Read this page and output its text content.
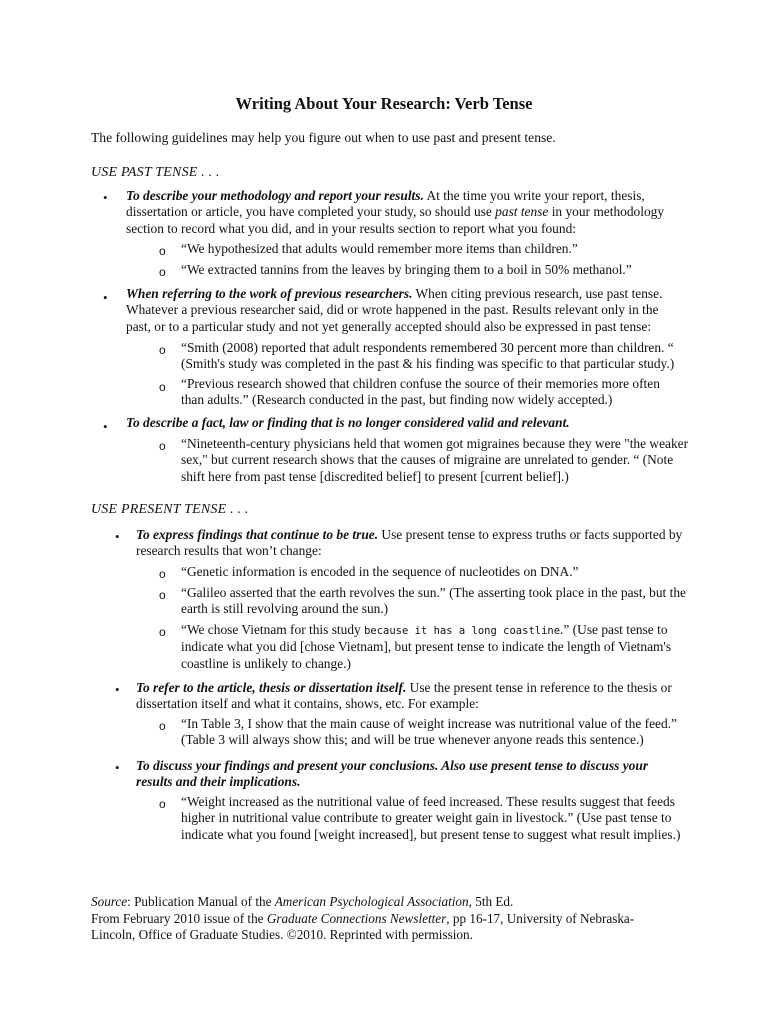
Writing About Your Research: Verb Tense
The following guidelines may help you figure out when to use past and present tense.
USE PAST TENSE . . .
• To describe your methodology and report your results. At the time you write your report, thesis, dissertation or article, you have completed your study, so should use past tense in your methodology section to record what you did, and in your results section to report what you found:
o “We hypothesized that adults would remember more items than children.”
o “We extracted tannins from the leaves by bringing them to a boil in 50% methanol.”
• When referring to the work of previous researchers. When citing previous research, use past tense. Whatever a previous researcher said, did or wrote happened in the past. Results relevant only in the past, or to a particular study and not yet generally accepted should also be expressed in past tense:
o “Smith (2008) reported that adult respondents remembered 30 percent more than children. “ (Smith's study was completed in the past & his finding was specific to that particular study.)
o “Previous research showed that children confuse the source of their memories more often than adults.” (Research conducted in the past, but finding now widely accepted.)
• To describe a fact, law or finding that is no longer considered valid and relevant.
o “Nineteenth-century physicians held that women got migraines because they were "the weaker sex," but current research shows that the causes of migraine are unrelated to gender. “ (Note shift here from past tense [discredited belief] to present [current belief].)
USE PRESENT TENSE . . .
• To express findings that continue to be true. Use present tense to express truths or facts supported by research results that won’t change:
o “Genetic information is encoded in the sequence of nucleotides on DNA.”
o “Galileo asserted that the earth revolves the sun.” (The asserting took place in the past, but the earth is still revolving around the sun.)
o “We chose Vietnam for this study because it has a long coastline.” (Use past tense to indicate what you did [chose Vietnam], but present tense to indicate the length of Vietnam's coastline is unlikely to change.)
• To refer to the article, thesis or dissertation itself. Use the present tense in reference to the thesis or dissertation itself and what it contains, shows, etc. For example:
o “In Table 3, I show that the main cause of weight increase was nutritional value of the feed.” (Table 3 will always show this; and will be true whenever anyone reads this sentence.)
• To discuss your findings and present your conclusions. Also use present tense to discuss your results and their implications.
o “Weight increased as the nutritional value of feed increased. These results suggest that feeds higher in nutritional value contribute to greater weight gain in livestock.” (Use past tense to indicate what you found [weight increased], but present tense to suggest what result implies.)
Source: Publication Manual of the American Psychological Association, 5th Ed.
From February 2010 issue of the Graduate Connections Newsletter, pp 16-17, University of Nebraska-Lincoln, Office of Graduate Studies. ©2010. Reprinted with permission.
